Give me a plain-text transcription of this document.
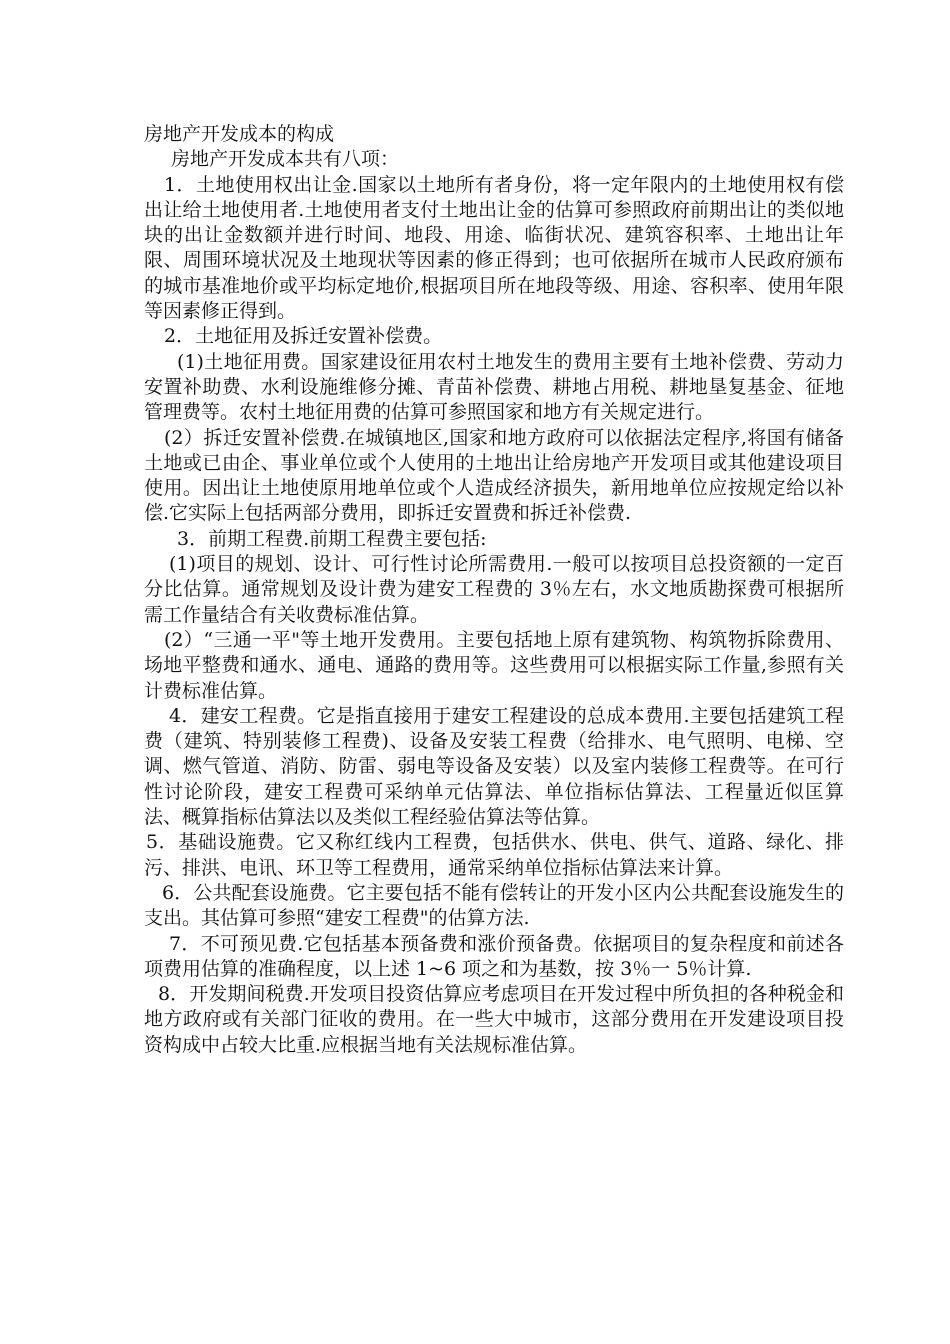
房地产开发成本的构成

房地产开发成本共有八项：

1．土地使用权出让金.国家以土地所有者身份，将一定年限内的土地使用权有偿出让给土地使用者.土地使用者支付土地出让金的估算可参照政府前期出让的类似地块的出让金数额并进行时间、地段、用途、临街状况、建筑容积率、土地出让年限、周围环境状况及土地现状等因素的修正得到；也可依据所在城市人民政府颁布的城市基准地价或平均标定地价,根据项目所在地段等级、用途、容积率、使用年限等因素修正得到。

2．土地征用及拆迁安置补偿费。

(1)土地征用费。国家建设征用农村土地发生的费用主要有土地补偿费、劳动力安置补助费、水利设施维修分摊、青苗补偿费、耕地占用税、耕地垦复基金、征地管理费等。农村土地征用费的估算可参照国家和地方有关规定进行。

(2）拆迁安置补偿费.在城镇地区,国家和地方政府可以依据法定程序,将国有储备土地或已由企、事业单位或个人使用的土地出让给房地产开发项目或其他建设项目使用。因出让土地使原用地单位或个人造成经济损失，新用地单位应按规定给以补偿.它实际上包括两部分费用，即拆迁安置费和拆迁补偿费.

3．前期工程费.前期工程费主要包括:

(1)项目的规划、设计、可行性讨论所需费用.一般可以按项目总投资额的一定百分比估算。通常规划及设计费为建安工程费的 3％左右，水文地质勘探费可根据所需工作量结合有关收费标准估算。

(2）“三通一平"等土地开发费用。主要包括地上原有建筑物、构筑物拆除费用、场地平整费和通水、通电、通路的费用等。这些费用可以根据实际工作量,参照有关计费标准估算。

4．建安工程费。它是指直接用于建安工程建设的总成本费用.主要包括建筑工程费（建筑、特别装修工程费)、设备及安装工程费（给排水、电气照明、电梯、空调、燃气管道、消防、防雷、弱电等设备及安装）以及室内装修工程费等。在可行性讨论阶段，建安工程费可采纳单元估算法、单位指标估算法、工程量近似匡算法、概算指标估算法以及类似工程经验估算法等估算。

5．基础设施费。它又称红线内工程费，包括供水、供电、供气、道路、绿化、排污、排洪、电讯、环卫等工程费用，通常采纳单位指标估算法来计算。

6．公共配套设施费。它主要包括不能有偿转让的开发小区内公共配套设施发生的支出。其估算可参照“建安工程费"的估算方法.

7．不可预见费.它包括基本预备费和涨价预备费。依据项目的复杂程度和前述各项费用估算的准确程度，以上述 1~6 项之和为基数，按 3％一 5％计算.

8．开发期间税费.开发项目投资估算应考虑项目在开发过程中所负担的各种税金和地方政府或有关部门征收的费用。在一些大中城市，这部分费用在开发建设项目投资构成中占较大比重.应根据当地有关法规标准估算。
